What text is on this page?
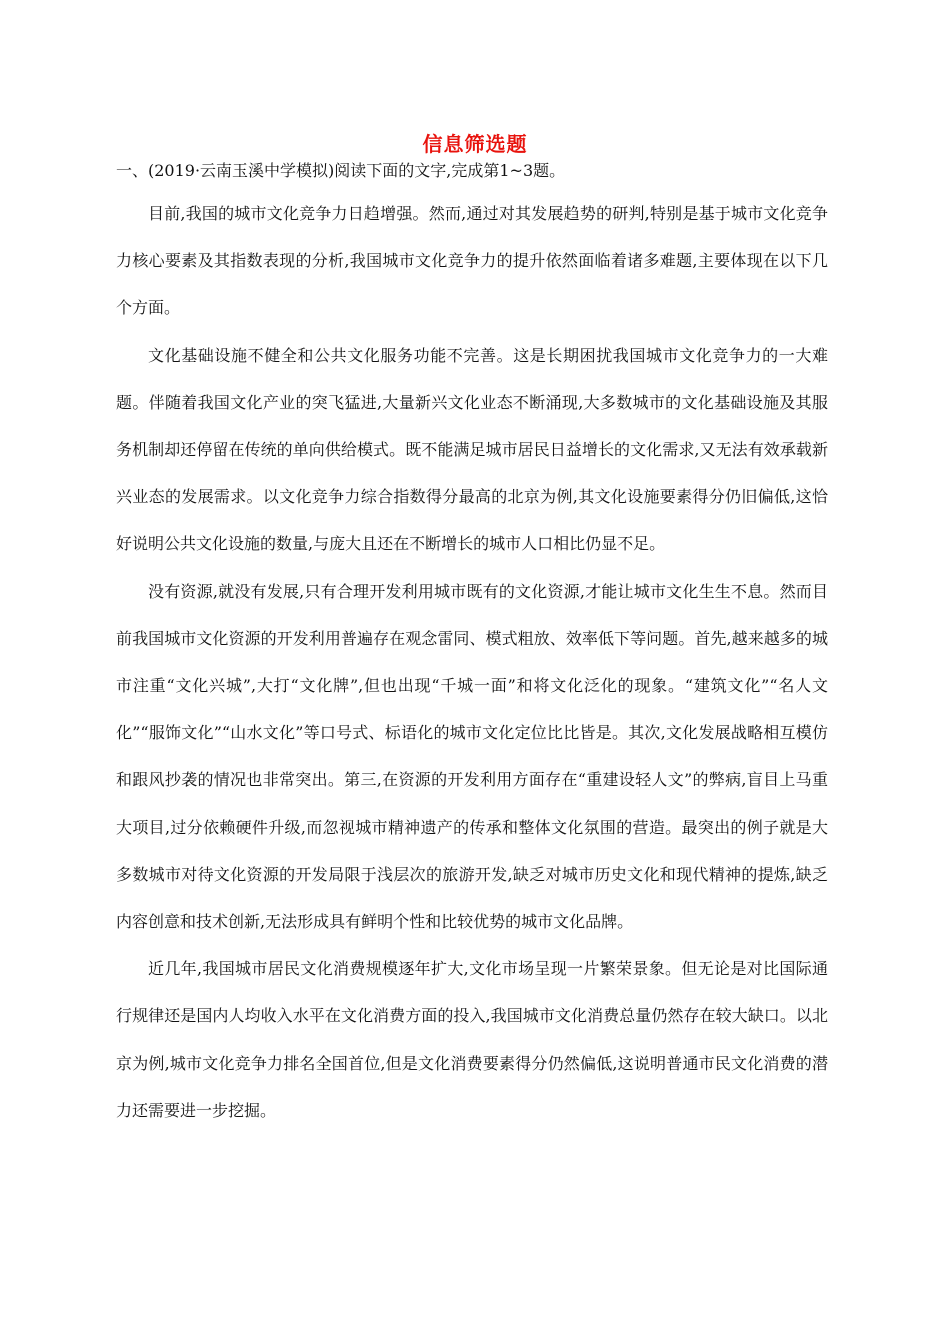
信息筛选题
一、(2019·云南玉溪中学模拟)阅读下面的文字,完成第1~3题。

目前,我国的城市文化竞争力日趋增强。然而,通过对其发展趋势的研判,特别是基于城市文化竞争力核心要素及其指数表现的分析,我国城市文化竞争力的提升依然面临着诸多难题,主要体现在以下几个方面。

文化基础设施不健全和公共文化服务功能不完善。这是长期困扰我国城市文化竞争力的一大难题。伴随着我国文化产业的突飞猛进,大量新兴文化业态不断涌现,大多数城市的文化基础设施及其服务机制却还停留在传统的单向供给模式。既不能满足城市居民日益增长的文化需求,又无法有效承载新兴业态的发展需求。以文化竞争力综合指数得分最高的北京为例,其文化设施要素得分仍旧偏低,这恰好说明公共文化设施的数量,与庞大且还在不断增长的城市人口相比仍显不足。

没有资源,就没有发展,只有合理开发利用城市既有的文化资源,才能让城市文化生生不息。然而目前我国城市文化资源的开发利用普遍存在观念雷同、模式粗放、效率低下等问题。首先,越来越多的城市注重“文化兴城”,大打“文化牌”,但也出现“千城一面”和将文化泛化的现象。“建筑文化”“名人文化”“服饰文化”“山水文化”等口号式、标语化的城市文化定位比比皆是。其次,文化发展战略相互模仿和跟风抄袭的情况也非常突出。第三,在资源的开发利用方面存在“重建设轻人文”的弊病,盲目上马重大项目,过分依赖硬件升级,而忽视城市精神遗产的传承和整体文化氛围的营造。最突出的例子就是大多数城市对待文化资源的开发局限于浅层次的旅游开发,缺乏对城市历史文化和现代精神的提炼,缺乏内容创意和技术创新,无法形成具有鲜明个性和比较优势的城市文化品牌。

近几年,我国城市居民文化消费规模逐年扩大,文化市场呈现一片繁荣景象。但无论是对比国际通行规律还是国内人均收入水平在文化消费方面的投入,我国城市文化消费总量仍然存在较大缺口。以北京为例,城市文化竞争力排名全国首位,但是文化消费要素得分仍然偏低,这说明普通市民文化消费的潜力还需要进一步挖掘。
